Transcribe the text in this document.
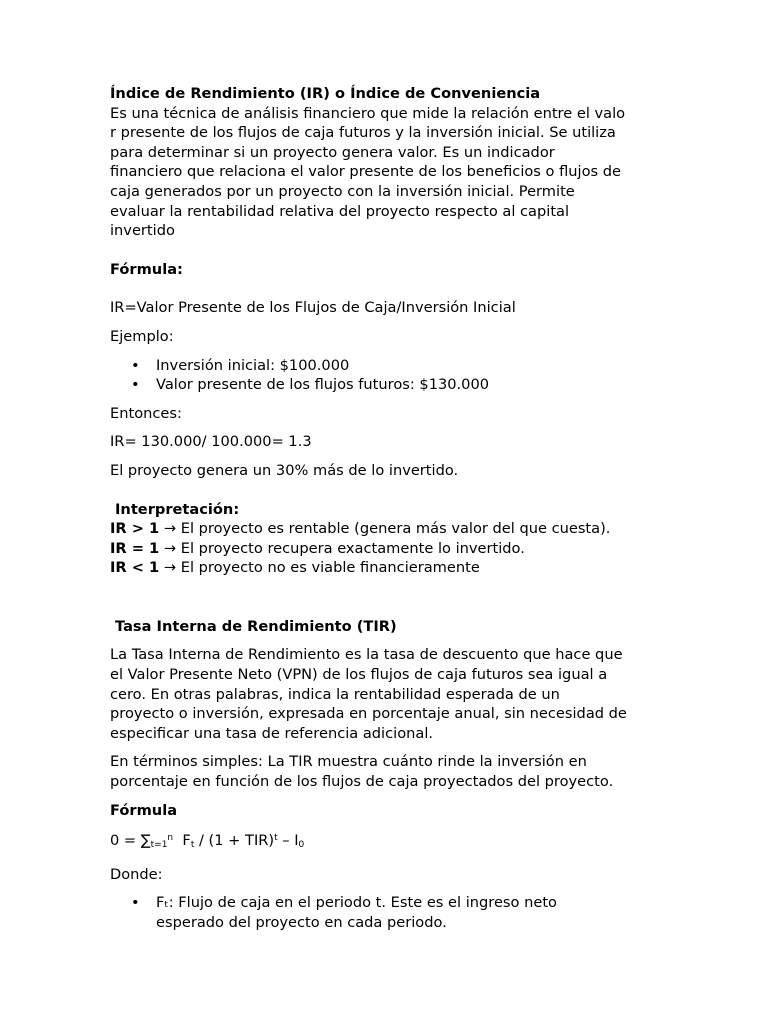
Índice de Rendimiento (IR) o Índice de Conveniencia

Es una técnica de análisis financiero que mide la relación entre el valo

r presente de los flujos de caja futuros y la inversión inicial. Se utiliza

para determinar si un proyecto genera valor. Es un indicador

financiero que relaciona el valor presente de los beneficios o flujos de

caja generados por un proyecto con la inversión inicial. Permite

evaluar la rentabilidad relativa del proyecto respecto al capital

invertido

Fórmula:

IR=Valor Presente de los Flujos de Caja/Inversión Inicial

Ejemplo:

• Inversión inicial: $100.000
• Valor presente de los flujos futuros: $130.000

Entonces:

IR= 130.000/ 100.000= 1.3

El proyecto genera un 30% más de lo invertido.

Interpretación:

IR > 1 → El proyecto es rentable (genera más valor del que cuesta).

IR = 1 → El proyecto recupera exactamente lo invertido.

IR < 1 → El proyecto no es viable financieramente

Tasa Interna de Rendimiento (TIR)

La Tasa Interna de Rendimiento es la tasa de descuento que hace que

el Valor Presente Neto (VPN) de los flujos de caja futuros sea igual a

cero. En otras palabras, indica la rentabilidad esperada de un

proyecto o inversión, expresada en porcentaje anual, sin necesidad de

especificar una tasa de referencia adicional.

En términos simples: La TIR muestra cuánto rinde la inversión en

porcentaje en función de los flujos de caja proyectados del proyecto.

Fórmula

$0 = \sum_{t=1}^n$  $F_t / (1 + TIR)^t - I_0$

Donde:

• Fₜ: Flujo de caja en el periodo t. Este es el ingreso neto
esperado del proyecto en cada periodo.
